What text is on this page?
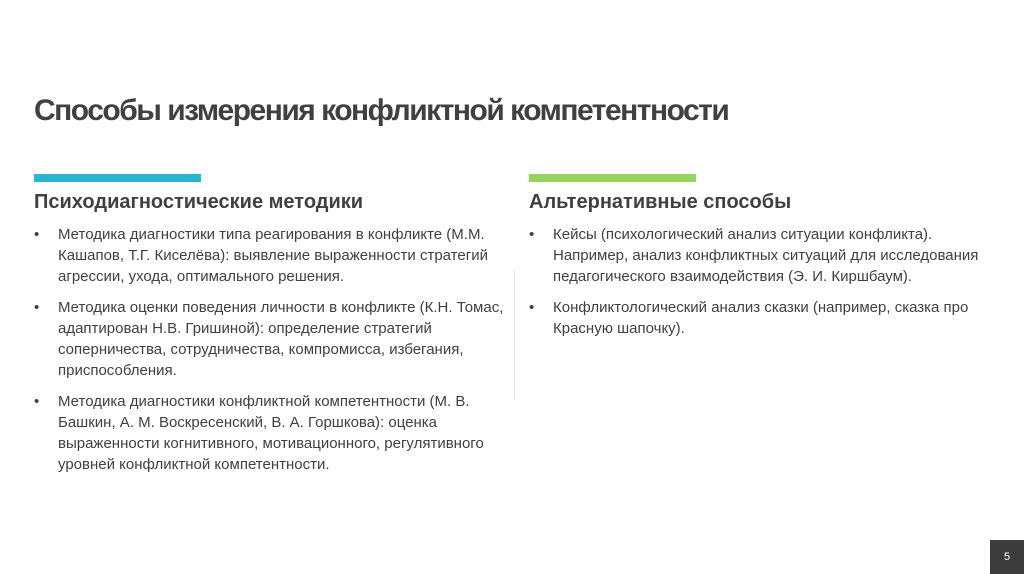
Способы измерения конфликтной компетентности
Психодиагностические методики
• Методика диагностики типа реагирования в конфликте (М.М. Кашапов, Т.Г. Киселёва): выявление выраженности стратегий агрессии, ухода, оптимального решения.
• Методика оценки поведения личности в конфликте (К.Н. Томас, адаптирован Н.В. Гришиной): определение стратегий соперничества, сотрудничества, компромисса, избегания, приспособления.
• Методика диагностики конфликтной компетентности (М. В. Башкин, А. М. Воскресенский, В. А. Горшкова): оценка выраженности когнитивного, мотивационного, регулятивного уровней конфликтной компетентности.
Альтернативные способы
• Кейсы (психологический анализ ситуации конфликта). Например, анализ конфликтных ситуаций для исследования педагогического взаимодействия (Э. И. Киршбаум).
• Конфликтологический анализ сказки (например, сказка про Красную шапочку).
5
